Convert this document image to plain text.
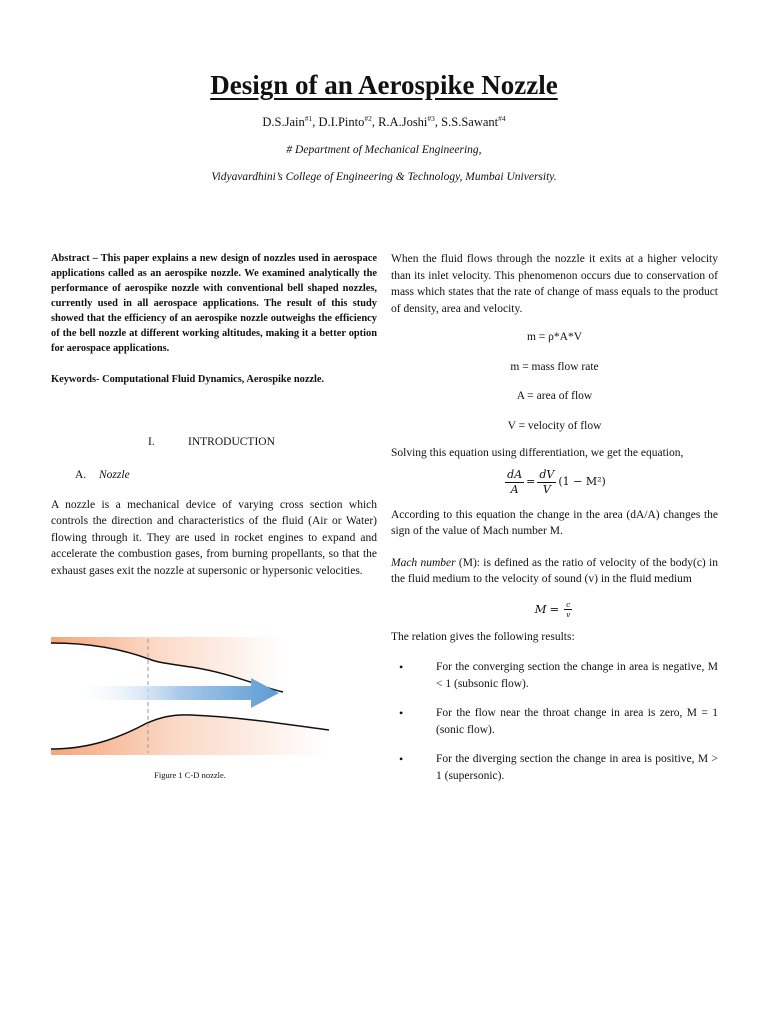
Design of an Aerospike Nozzle
D.S.Jain$^{\#1}$, D.I.Pinto$^{\#2}$, R.A.Joshi$^{\#3}$, S.S.Sawant$^{\#4}$
# Department of Mechanical Engineering,
Vidyavardhini’s College of Engineering & Technology, Mumbai University.

Abstract – This paper explains a new design of nozzles used in aerospace applications called as an aerospike nozzle. We examined analytically the performance of aerospike nozzle with conventional bell shaped nozzles, currently used in all aerospace applications. The result of this study showed that the efficiency of an aerospike nozzle outweighs the efficiency of the bell nozzle at different working altitudes, making it a better option for aerospace applications.

Keywords- Computational Fluid Dynamics, Aerospike nozzle.

I.	INTRODUCTION
A. Nozzle

A nozzle is a mechanical device of varying cross section which controls the direction and characteristics of the fluid (Air or Water) flowing through it. They are used in rocket engines to expand and accelerate the combustion gases, from burning propellants, so that the exhaust gases exit the nozzle at supersonic or hypersonic velocities.

Figure 1 C-D nozzle.

When the fluid flows through the nozzle it exits at a higher velocity than its inlet velocity. This phenomenon occurs due to conservation of mass which states that the rate of change of mass equals to the product of density, area and velocity.

m = ρ*A*V

m = mass flow rate

A = area of flow

V = velocity of flow

Solving this equation using differentiation, we get the equation,

$\frac{dA}{A} = \frac{dV}{V} (1 - M^2)$

According to this equation the change in the area (dA/A) changes the sign of the value of Mach number M.

Mach number (M): is defined as the ratio of velocity of the body(c) in the fluid medium to the velocity of sound (v) in the fluid medium

$M = \frac{c}{v}$

The relation gives the following results:

• For the converging section the change in area is negative, M < 1 (subsonic flow).
• For the flow near the throat change in area is zero, M = 1 (sonic flow).
• For the diverging section the change in area is positive, M > 1 (supersonic).
